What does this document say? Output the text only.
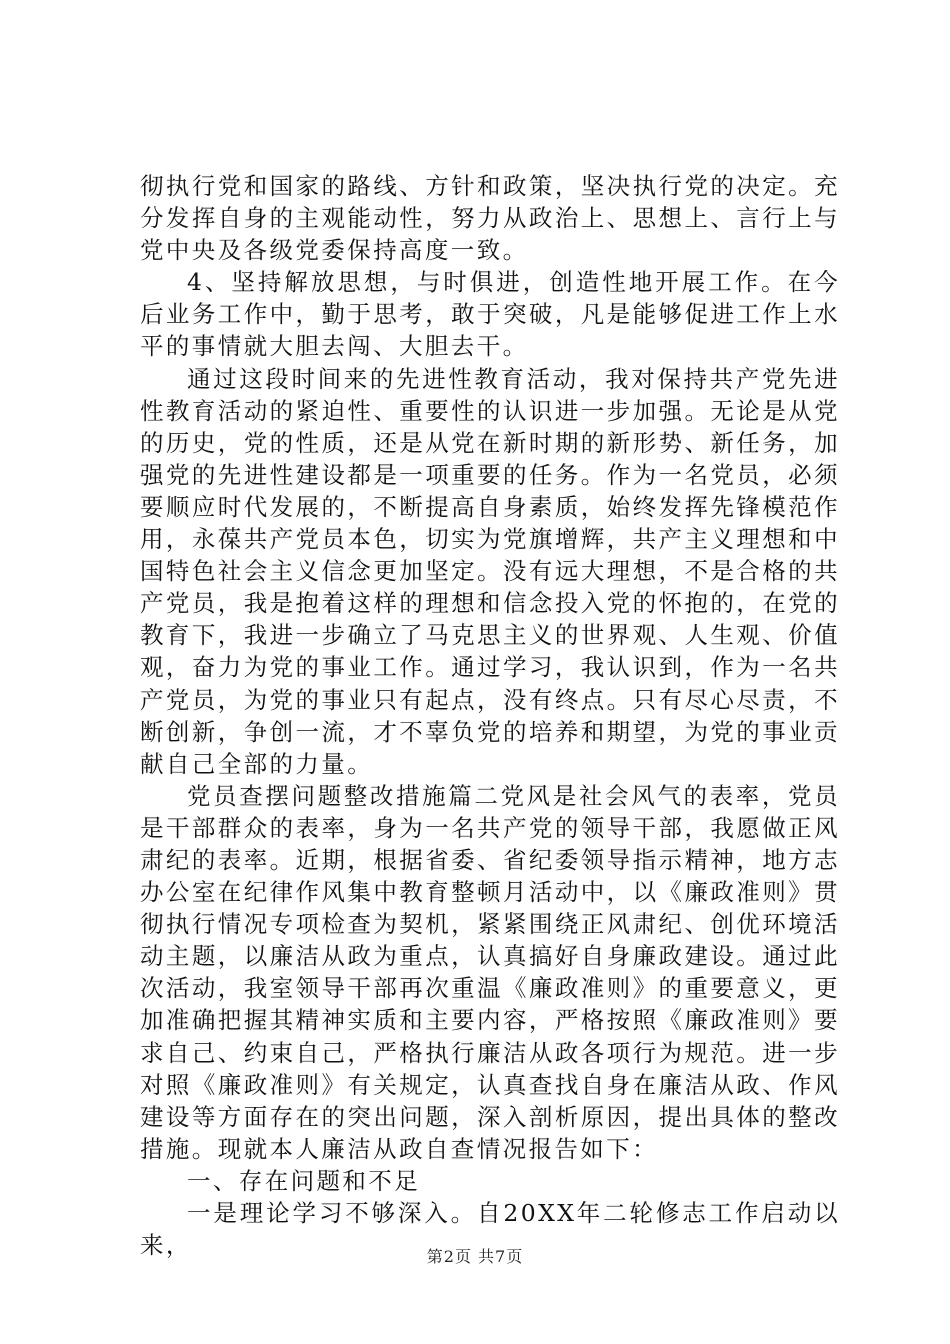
彻执行党和国家的路线、方针和政策，坚决执行党的决定。充分发挥自身的主观能动性，努力从政治上、思想上、言行上与党中央及各级党委保持高度一致。

4、坚持解放思想，与时俱进，创造性地开展工作。在今后业务工作中，勤于思考，敢于突破，凡是能够促进工作上水平的事情就大胆去闯、大胆去干。

通过这段时间来的先进性教育活动，我对保持共产党先进性教育活动的紧迫性、重要性的认识进一步加强。无论是从党的历史，党的性质，还是从党在新时期的新形势、新任务，加强党的先进性建设都是一项重要的任务。作为一名党员，必须要顺应时代发展的，不断提高自身素质，始终发挥先锋模范作用，永葆共产党员本色，切实为党旗增辉，共产主义理想和中国特色社会主义信念更加坚定。没有远大理想，不是合格的共产党员，我是抱着这样的理想和信念投入党的怀抱的，在党的教育下，我进一步确立了马克思主义的世界观、人生观、价值观，奋力为党的事业工作。通过学习，我认识到，作为一名共产党员，为党的事业只有起点，没有终点。只有尽心尽责，不断创新，争创一流，才不辜负党的培养和期望，为党的事业贡献自己全部的力量。

党员查摆问题整改措施篇二党风是社会风气的表率，党员是干部群众的表率，身为一名共产党的领导干部，我愿做正风肃纪的表率。近期，根据省委、省纪委领导指示精神，地方志办公室在纪律作风集中教育整顿月活动中，以《廉政准则》贯彻执行情况专项检查为契机，紧紧围绕正风肃纪、创优环境活动主题，以廉洁从政为重点，认真搞好自身廉政建设。通过此次活动，我室领导干部再次重温《廉政准则》的重要意义，更加准确把握其精神实质和主要内容，严格按照《廉政准则》要求自己、约束自己，严格执行廉洁从政各项行为规范。进一步对照《廉政准则》有关规定，认真查找自身在廉洁从政、作风建设等方面存在的突出问题，深入剖析原因，提出具体的整改措施。现就本人廉洁从政自查情况报告如下：

一、存在问题和不足

一是理论学习不够深入。自20XX年二轮修志工作启动以来，	第2页 共7页
